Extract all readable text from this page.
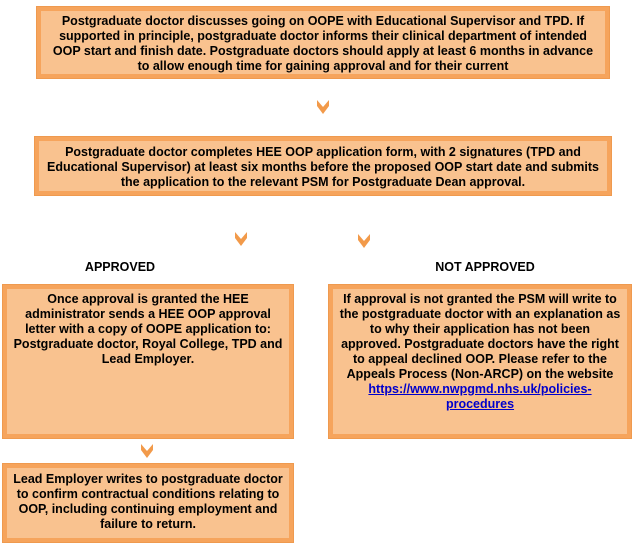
Postgraduate doctor discusses going on OOPE with Educational Supervisor and TPD. If supported in principle, postgraduate doctor informs their clinical department of intended OOP start and finish date. Postgraduate doctors should apply at least 6 months in advance to allow enough time for gaining approval and for their current

Postgraduate doctor completes HEE OOP application form, with 2 signatures (TPD and Educational Supervisor) at least six months before the proposed OOP start date and submits the application to the relevant PSM for Postgraduate Dean approval.

APPROVED	NOT APPROVED

Once approval is granted the HEE administrator sends a HEE OOP approval letter with a copy of OOPE application to: Postgraduate doctor, Royal College, TPD and Lead Employer.

If approval is not granted the PSM will write to the postgraduate doctor with an explanation as to why their application has not been approved. Postgraduate doctors have the right to appeal declined OOP. Please refer to the Appeals Process (Non-ARCP) on the website

https://www.nwpgmd.nhs.uk/policies-procedures

Lead Employer writes to postgraduate doctor to confirm contractual conditions relating to OOP, including continuing employment and failure to return.
